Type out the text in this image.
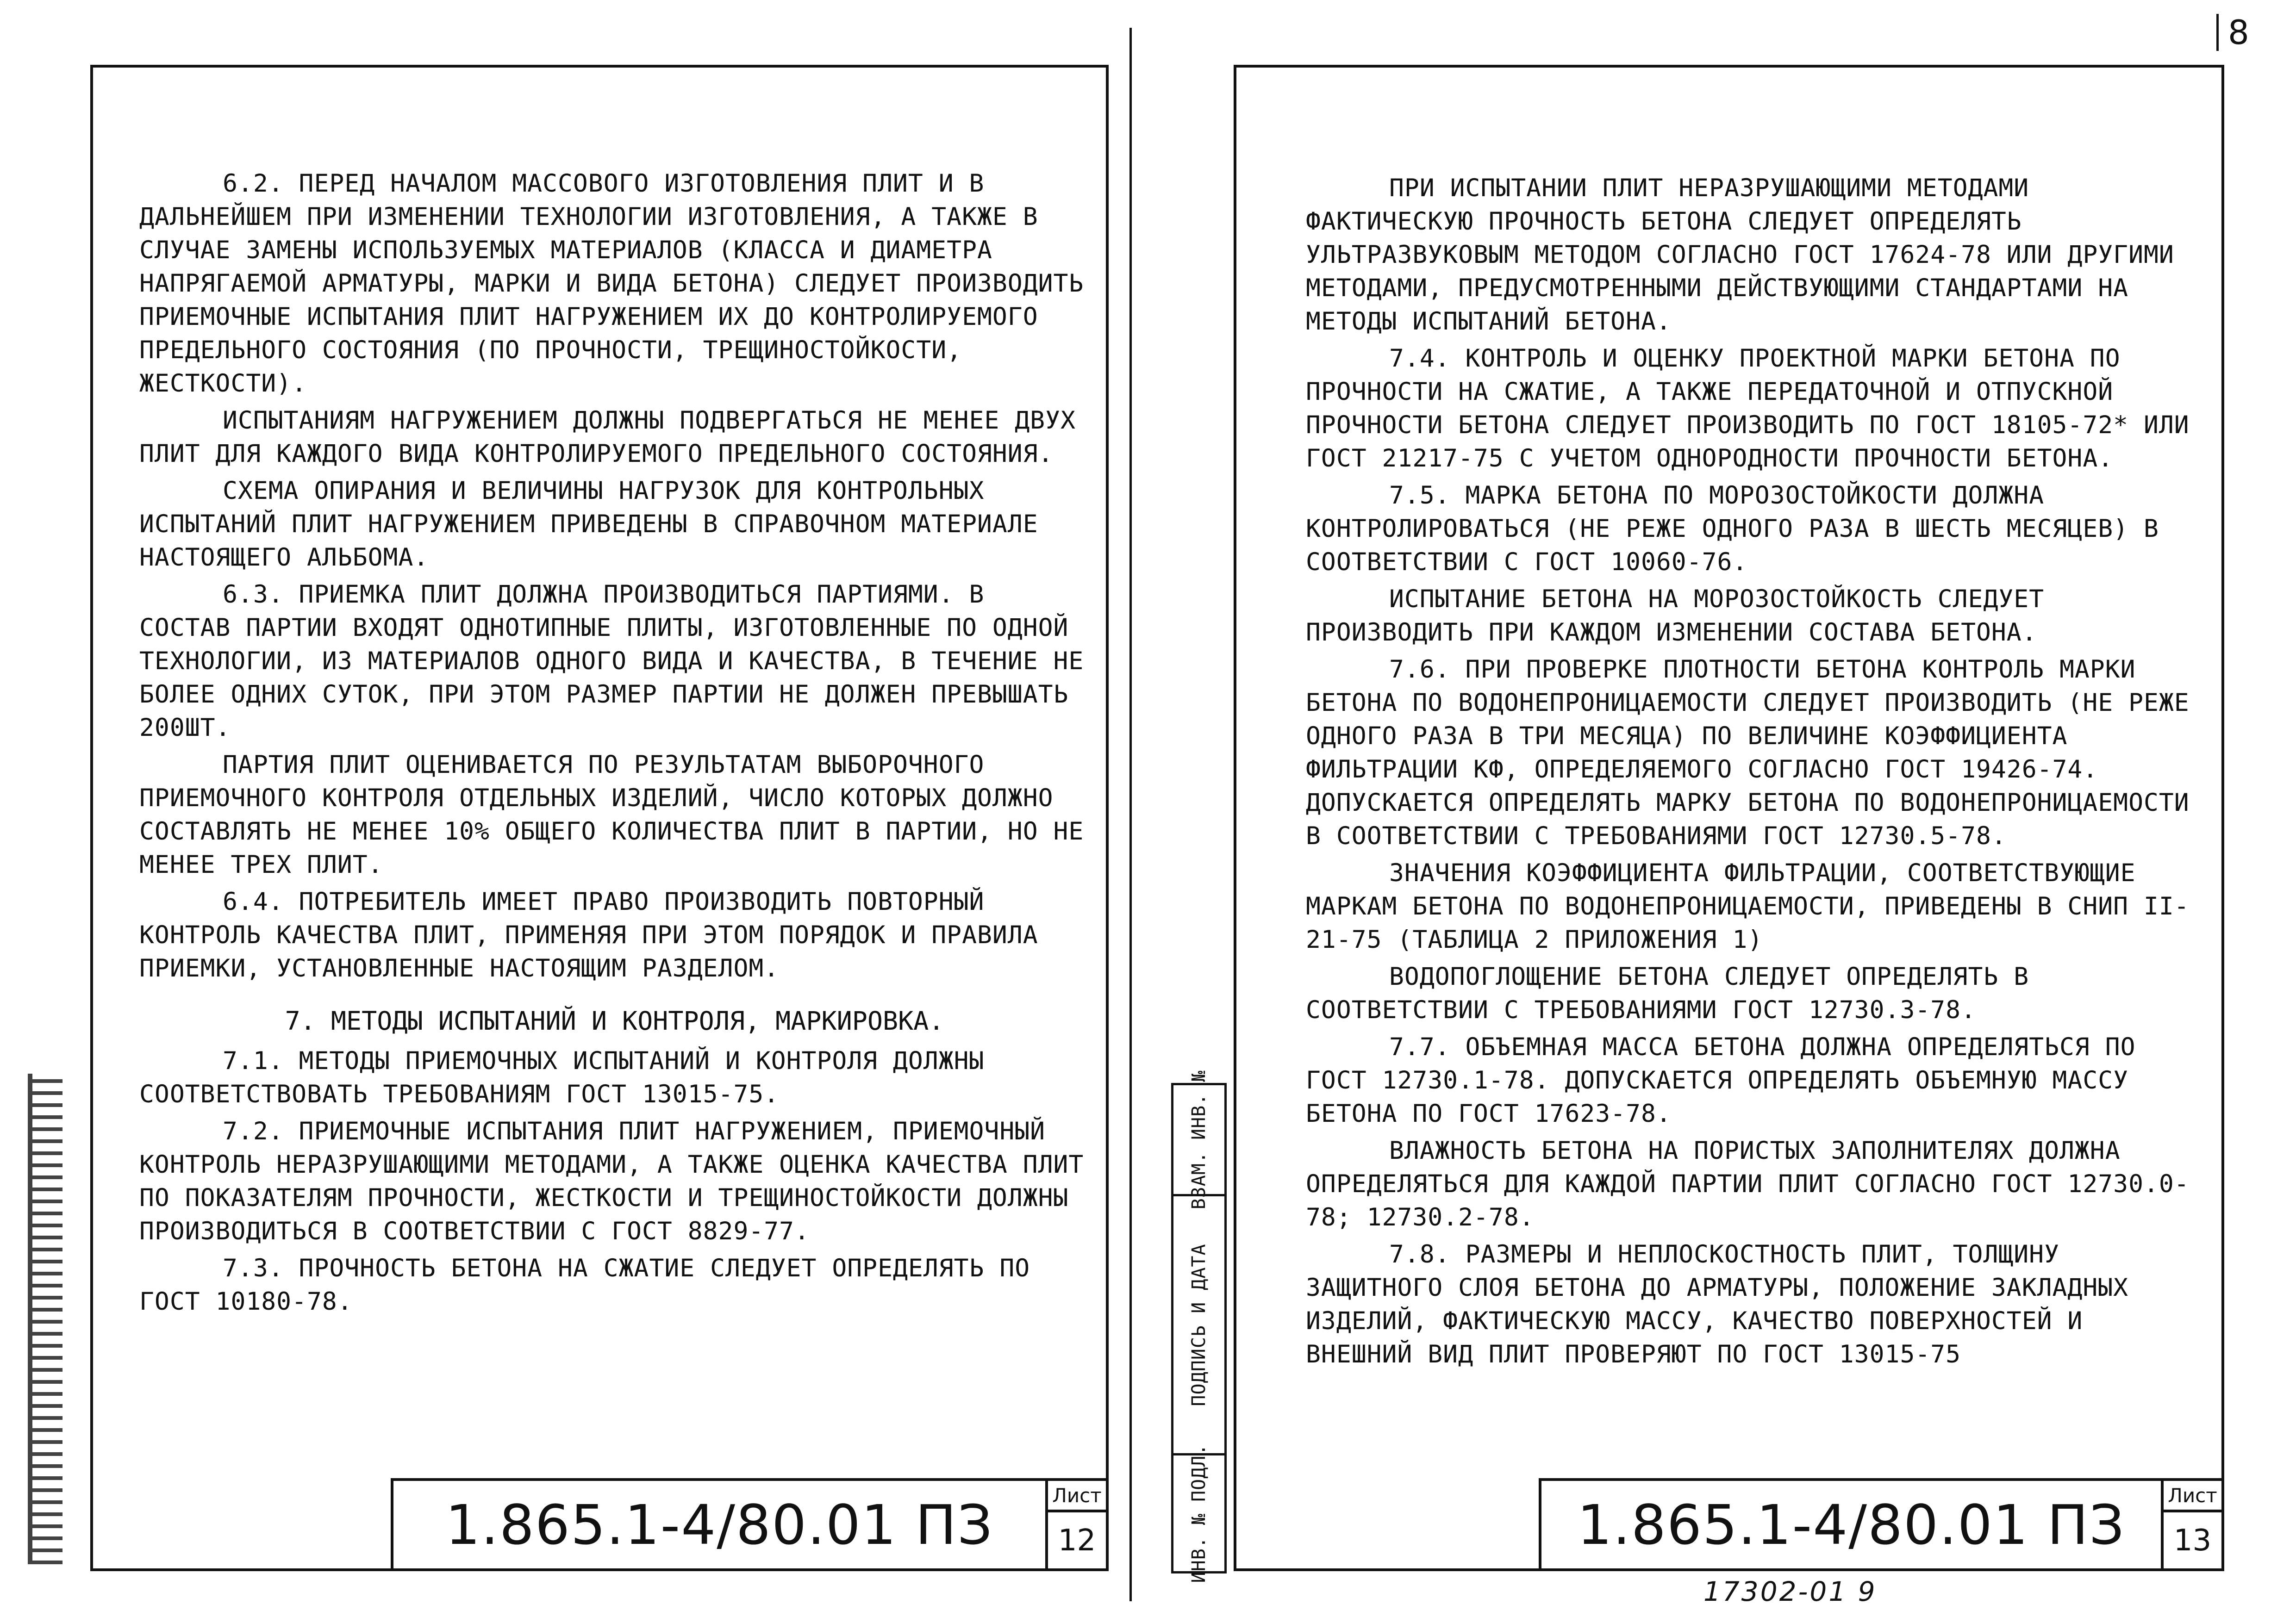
8

6.2. ПЕРЕД НАЧАЛОМ МАССОВОГО ИЗГОТОВЛЕНИЯ ПЛИТ И В ДАЛЬНЕЙШЕМ ПРИ ИЗМЕНЕНИИ ТЕХНОЛОГИИ ИЗГОТОВЛЕНИЯ, А ТАКЖЕ В СЛУЧАЕ ЗАМЕНЫ ИСПОЛЬЗУЕМЫХ МАТЕРИАЛОВ (КЛАССА И ДИАМЕТРА НАПРЯГАЕМОЙ АРМАТУРЫ, МАРКИ И ВИДА БЕТОНА) СЛЕДУЕТ ПРОИЗВОДИТЬ ПРИЕМОЧНЫЕ ИСПЫТАНИЯ ПЛИТ НАГРУЖЕНИЕМ ИХ ДО КОНТРОЛИРУЕМОГО ПРЕДЕЛЬНОГО СОСТОЯНИЯ (ПО ПРОЧНОСТИ, ТРЕЩИНОСТОЙКОСТИ, ЖЕСТКОСТИ).

ИСПЫТАНИЯМ НАГРУЖЕНИЕМ ДОЛЖНЫ ПОДВЕРГАТЬСЯ НЕ МЕНЕЕ ДВУХ ПЛИТ ДЛЯ КАЖДОГО ВИДА КОНТРОЛИРУЕМОГО ПРЕДЕЛЬНОГО СОСТОЯНИЯ.

СХЕМА ОПИРАНИЯ И ВЕЛИЧИНЫ НАГРУЗОК ДЛЯ КОНТРОЛЬНЫХ ИСПЫТАНИЙ ПЛИТ НАГРУЖЕНИЕМ ПРИВЕДЕНЫ В СПРАВОЧНОМ МАТЕРИАЛЕ НАСТОЯЩЕГО АЛЬБОМА.

6.3. ПРИЕМКА ПЛИТ ДОЛЖНА ПРОИЗВОДИТЬСЯ ПАРТИЯМИ. В СОСТАВ ПАРТИИ ВХОДЯТ ОДНОТИПНЫЕ ПЛИТЫ, ИЗГОТОВЛЕННЫЕ ПО ОДНОЙ ТЕХНОЛОГИИ, ИЗ МАТЕРИАЛОВ ОДНОГО ВИДА И КАЧЕСТВА, В ТЕЧЕНИЕ НЕ БОЛЕЕ ОДНИХ СУТОК, ПРИ ЭТОМ РАЗМЕР ПАРТИИ НЕ ДОЛЖЕН ПРЕВЫШАТЬ 200ШТ.

ПАРТИЯ ПЛИТ ОЦЕНИВАЕТСЯ ПО РЕЗУЛЬТАТАМ ВЫБОРОЧНОГО ПРИЕМОЧНОГО КОНТРОЛЯ ОТДЕЛЬНЫХ ИЗДЕЛИЙ, ЧИСЛО КОТОРЫХ ДОЛЖНО СОСТАВЛЯТЬ НЕ МЕНЕЕ 10% ОБЩЕГО КОЛИЧЕСТВА ПЛИТ В ПАРТИИ, НО НЕ МЕНЕЕ ТРЕХ ПЛИТ.

6.4. ПОТРЕБИТЕЛЬ ИМЕЕТ ПРАВО ПРОИЗВОДИТЬ ПОВТОРНЫЙ КОНТРОЛЬ КАЧЕСТВА ПЛИТ, ПРИМЕНЯЯ ПРИ ЭТОМ ПОРЯДОК И ПРАВИЛА ПРИЕМКИ, УСТАНОВЛЕННЫЕ НАСТОЯЩИМ РАЗДЕЛОМ.

7. МЕТОДЫ ИСПЫТАНИЙ И КОНТРОЛЯ, МАРКИРОВКА.

7.1. МЕТОДЫ ПРИЕМОЧНЫХ ИСПЫТАНИЙ И КОНТРОЛЯ ДОЛЖНЫ СООТВЕТСТВОВАТЬ ТРЕБОВАНИЯМ ГОСТ 13015-75.

7.2. ПРИЕМОЧНЫЕ ИСПЫТАНИЯ ПЛИТ НАГРУЖЕНИЕМ, ПРИЕМОЧНЫЙ КОНТРОЛЬ НЕРАЗРУШАЮЩИМИ МЕТОДАМИ, А ТАКЖЕ ОЦЕНКА КАЧЕСТВА ПЛИТ ПО ПОКАЗАТЕЛЯМ ПРОЧНОСТИ, ЖЕСТКОСТИ И ТРЕЩИНОСТОЙКОСТИ ДОЛЖНЫ ПРОИЗВОДИТЬСЯ В СООТВЕТСТВИИ С ГОСТ 8829-77.

7.3. ПРОЧНОСТЬ БЕТОНА НА СЖАТИЕ СЛЕДУЕТ ОПРЕДЕЛЯТЬ ПО ГОСТ 10180-78.

1.865.1-4/80.01 ПЗ	Лист
12
ВЗАМ. ИНВ. №
ПОДПИСЬ И ДАТА
ИНВ. № ПОДЛ.

ПРИ ИСПЫТАНИИ ПЛИТ НЕРАЗРУШАЮЩИМИ МЕТОДАМИ ФАКТИЧЕСКУЮ ПРОЧНОСТЬ БЕТОНА СЛЕДУЕТ ОПРЕДЕЛЯТЬ УЛЬТРАЗВУКОВЫМ МЕТОДОМ СОГЛАСНО ГОСТ 17624-78 ИЛИ ДРУГИМИ МЕТОДАМИ, ПРЕДУСМОТРЕННЫМИ ДЕЙСТВУЮЩИМИ СТАНДАРТАМИ НА МЕТОДЫ ИСПЫТАНИЙ БЕТОНА.

7.4. КОНТРОЛЬ И ОЦЕНКУ ПРОЕКТНОЙ МАРКИ БЕТОНА ПО ПРОЧНОСТИ НА СЖАТИЕ, А ТАКЖЕ ПЕРЕДАТОЧНОЙ И ОТПУСКНОЙ ПРОЧНОСТИ БЕТОНА СЛЕДУЕТ ПРОИЗВОДИТЬ ПО ГОСТ 18105-72* ИЛИ ГОСТ 21217-75 С УЧЕТОМ ОДНОРОДНОСТИ ПРОЧНОСТИ БЕТОНА.

7.5. МАРКА БЕТОНА ПО МОРОЗОСТОЙКОСТИ ДОЛЖНА КОНТРОЛИРОВАТЬСЯ (НЕ РЕЖЕ ОДНОГО РАЗА В ШЕСТЬ МЕСЯЦЕВ) В СООТВЕТСТВИИ С ГОСТ 10060-76.

ИСПЫТАНИЕ БЕТОНА НА МОРОЗОСТОЙКОСТЬ СЛЕДУЕТ ПРОИЗВОДИТЬ ПРИ КАЖДОМ ИЗМЕНЕНИИ СОСТАВА БЕТОНА.

7.6. ПРИ ПРОВЕРКЕ ПЛОТНОСТИ БЕТОНА КОНТРОЛЬ МАРКИ БЕТОНА ПО ВОДОНЕПРОНИЦАЕМОСТИ СЛЕДУЕТ ПРОИЗВОДИТЬ (НЕ РЕЖЕ ОДНОГО РАЗА В ТРИ МЕСЯЦА) ПО ВЕЛИЧИНЕ КОЭФФИЦИЕНТА ФИЛЬТРАЦИИ КФ, ОПРЕДЕЛЯЕМОГО СОГЛАСНО ГОСТ 19426-74. ДОПУСКАЕТСЯ ОПРЕДЕЛЯТЬ МАРКУ БЕТОНА ПО ВОДОНЕПРОНИЦАЕМОСТИ В СООТВЕТСТВИИ С ТРЕБОВАНИЯМИ ГОСТ 12730.5-78.

ЗНАЧЕНИЯ КОЭФФИЦИЕНТА ФИЛЬТРАЦИИ, СООТВЕТСТВУЮЩИЕ МАРКАМ БЕТОНА ПО ВОДОНЕПРОНИЦАЕМОСТИ, ПРИВЕДЕНЫ В СНИП II-21-75 (ТАБЛИЦА 2 ПРИЛОЖЕНИЯ 1)

ВОДОПОГЛОЩЕНИЕ БЕТОНА СЛЕДУЕТ ОПРЕДЕЛЯТЬ В СООТВЕТСТВИИ С ТРЕБОВАНИЯМИ ГОСТ 12730.3-78.

7.7. ОБЪЕМНАЯ МАССА БЕТОНА ДОЛЖНА ОПРЕДЕЛЯТЬСЯ ПО ГОСТ 12730.1-78. ДОПУСКАЕТСЯ ОПРЕДЕЛЯТЬ ОБЪЕМНУЮ МАССУ БЕТОНА ПО ГОСТ 17623-78.

ВЛАЖНОСТЬ БЕТОНА НА ПОРИСТЫХ ЗАПОЛНИТЕЛЯХ ДОЛЖНА ОПРЕДЕЛЯТЬСЯ ДЛЯ КАЖДОЙ ПАРТИИ ПЛИТ СОГЛАСНО ГОСТ 12730.0-78; 12730.2-78.

7.8. РАЗМЕРЫ И НЕПЛОСКОСТНОСТЬ ПЛИТ, ТОЛЩИНУ ЗАЩИТНОГО СЛОЯ БЕТОНА ДО АРМАТУРЫ, ПОЛОЖЕНИЕ ЗАКЛАДНЫХ ИЗДЕЛИЙ, ФАКТИЧЕСКУЮ МАССУ, КАЧЕСТВО ПОВЕРХНОСТЕЙ И ВНЕШНИЙ ВИД ПЛИТ ПРОВЕРЯЮТ ПО ГОСТ 13015-75

1.865.1-4/80.01 ПЗ	Лист
13
17302-01 9
